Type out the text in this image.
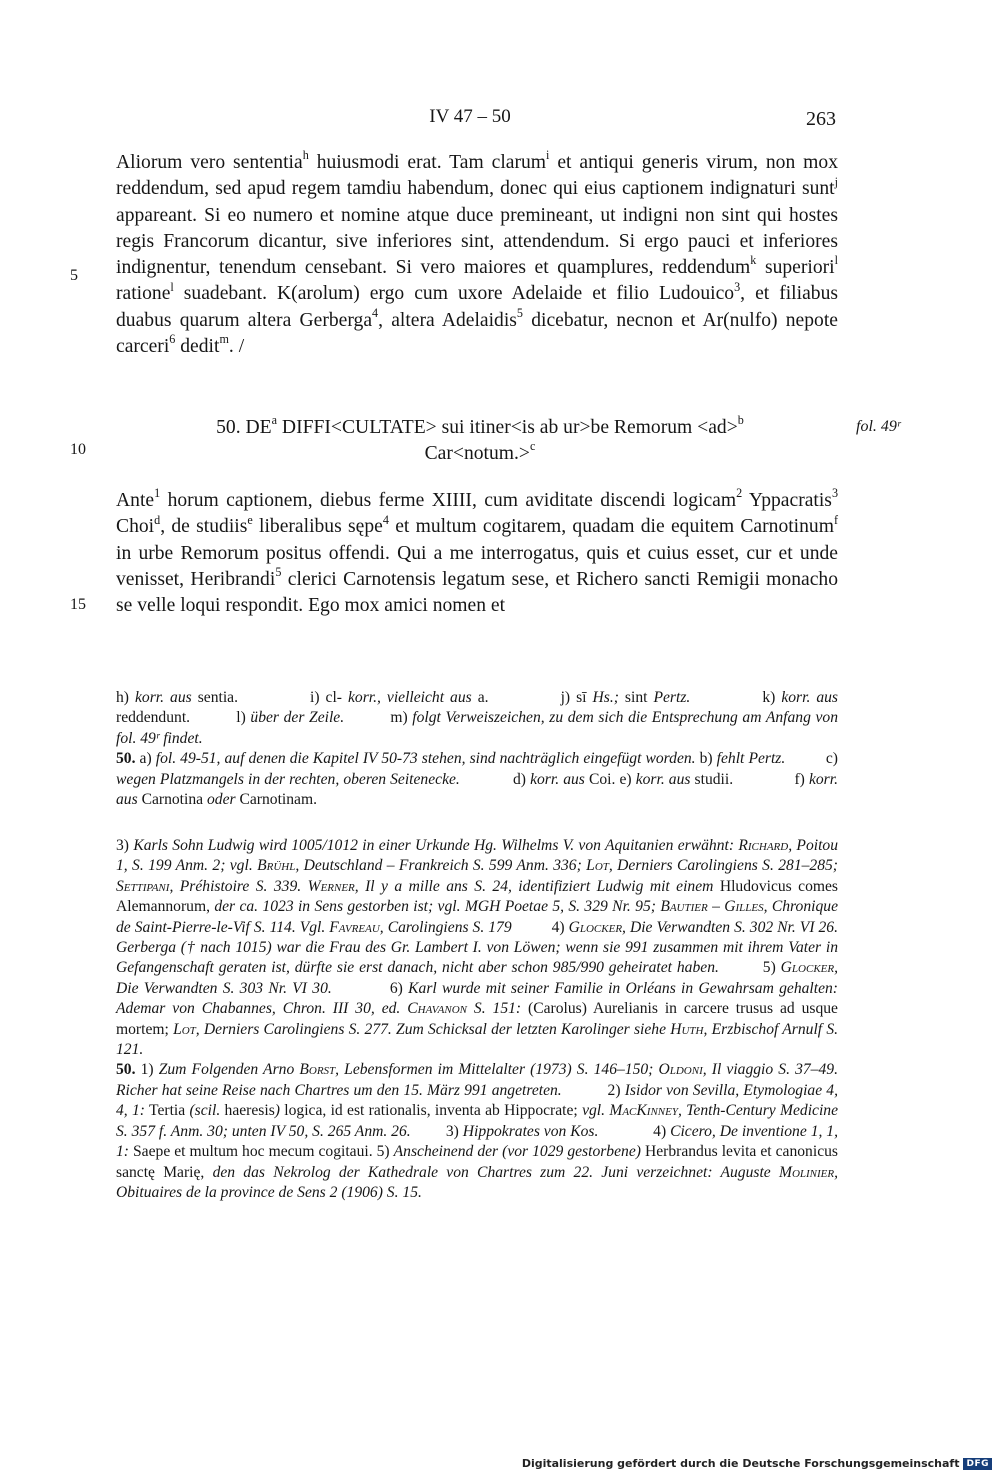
IV 47 – 50	263

Aliorum vero sententia$^h$ huiusmodi erat. Tam clarum$^i$ et antiqui generis virum, non mox reddendum, sed apud regem tamdiu habendum, donec qui eius captionem indignaturi sunt$^j$ appareant. Si eo numero et nomine atque duce premineant, ut indigni non sint qui hostes regis Francorum dicantur, sive inferiores sint, attendendum. Si ergo pauci et inferiores indignentur, tenendum censebant. Si vero maiores et quamplures, reddendum$^k$ superiori$^l$ ratione$^l$ suadebant. K(arolum) ergo cum uxore Adelaide et filio Ludouico$^3$, et filiabus duabus quarum altera Gerberga$^4$, altera Adelaidis$^5$ dicebatur, necnon et Ar(nulfo) nepote carceri$^6$ dedit$^m$. /

5
10
15
50. $DE^a$ DIFFI<CULTATE> sui itiner<is ab ur>be Remorum <ad>$^b$
Car<notum.>$^c$
fol. 49ʳ

Ante$^1$ horum captionem, diebus ferme XIIII, cum aviditate discendi logicam$^2$ Yppacratis$^3$ Choi$^d$, de studiis$^e$ liberalibus sępe$^4$ et multum cogitarem, quadam die equitem Carnotinum$^f$ in urbe Remorum positus offendi. Qui a me interrogatus, quis et cuius esset, cur et unde venisset, Heribrandi$^5$ clerici Carnotensis legatum sese, et Richero sancti Remigii monacho se velle loqui respondit. Ego mox amici nomen et

h) korr. aus sentia.            i) cl- korr., vielleicht aus a.            j) sī Hs.; sint Pertz.            k) korr. aus reddendunt.          l) über der Zeile.          m) folgt Verweiszeichen, zu dem sich die Entsprechung am Anfang von fol. 49ʳ findet.

50. a) fol. 49-51, auf denen die Kapitel IV 50-73 stehen, sind nachträglich eingefügt worden. b) fehlt Pertz.          c) wegen Platzmangels in der rechten, oberen Seitenecke.             d) korr. aus Coi. e) korr. aus studii.               f) korr. aus Carnotina oder Carnotinam.

3) Karls Sohn Ludwig wird 1005/1012 in einer Urkunde Hg. Wilhelms V. von Aquitanien erwähnt: Richard, Poitou 1, S. 199 Anm. 2; vgl. Brühl, Deutschland – Frankreich S. 599 Anm. 336; Lot, Derniers Carolingiens S. 281–285; Settipani, Préhistoire S. 339. Werner, Il y a mille ans S. 24, identifiziert Ludwig mit einem Hludovicus comes Alemannorum, der ca. 1023 in Sens gestorben ist; vgl. MGH Poetae 5, S. 329 Nr. 95; Bautier – Gilles, Chronique de Saint-Pierre-le-Vif S. 114. Vgl. Favreau, Carolingiens S. 179          4) Glocker, Die Verwandten S. 302 Nr. VI 26. Gerberga († nach 1015) war die Frau des Gr. Lambert I. von Löwen; wenn sie 991 zusammen mit ihrem Vater in Gefangenschaft geraten ist, dürfte sie erst danach, nicht aber schon 985/990 geheiratet haben.         5) Glocker, Die Verwandten S. 303 Nr. VI 30.           6) Karl wurde mit seiner Familie in Orléans in Gewahrsam gehalten: Ademar von Chabannes, Chron. III 30, ed. Chavanon S. 151: (Carolus) Aurelianis in carcere trusus ad usque mortem; Lot, Derniers Carolingiens S. 277. Zum Schicksal der letzten Karolinger siehe Huth, Erzbischof Arnulf S. 121.

50. 1) Zum Folgenden Arno Borst, Lebensformen im Mittelalter (1973) S. 146–150; Oldoni, Il viaggio S. 37–49. Richer hat seine Reise nach Chartres um den 15. März 991 angetreten.           2) Isidor von Sevilla, Etymologiae 4, 4, 1: Tertia (scil. haeresis) logica, id est rationalis, inventa ab Hippocrate; vgl. MacKinney, Tenth-Century Medicine S. 357 f. Anm. 30; unten IV 50, S. 265 Anm. 26.         3) Hippokrates von Kos.              4) Cicero, De inventione 1, 1, 1: Saepe et multum hoc mecum cogitaui. 5) Anscheinend der (vor 1029 gestorbene) Herbrandus levita et canonicus sanctę Marię, den das Nekrolog der Kathedrale von Chartres zum 22. Juni verzeichnet: Auguste Molinier, Obituaires de la province de Sens 2 (1906) S. 15.

Digitalisierung gefördert durch die Deutsche Forschungsgemeinschaft DFG
